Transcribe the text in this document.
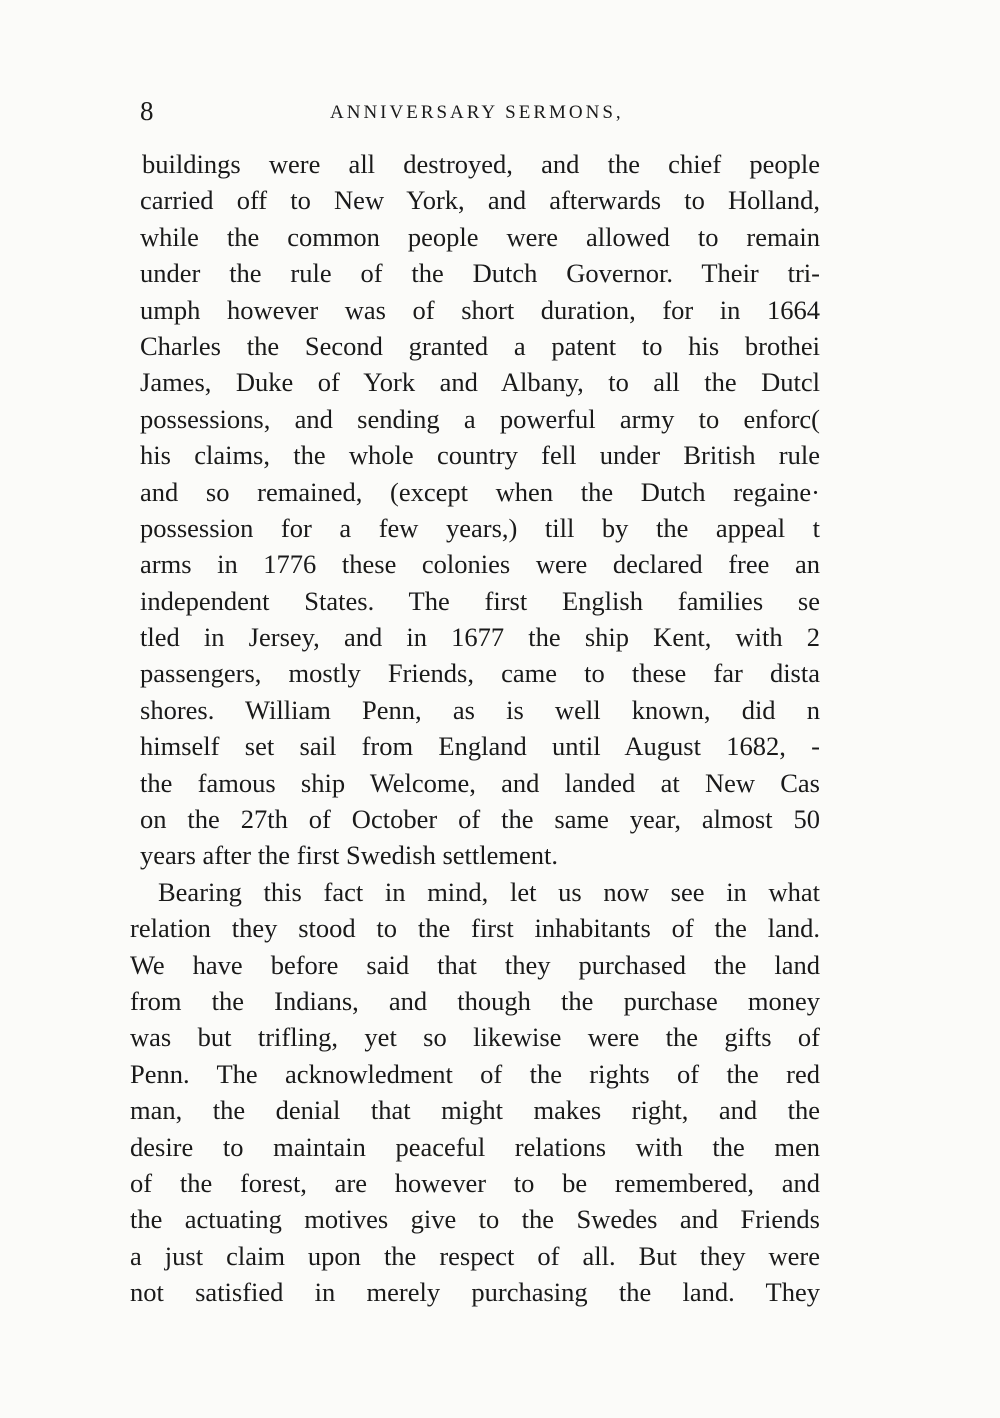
8	ANNIVERSARY SERMONS,
buildings were all destroyed, and the chief people
carried off to New York, and afterwards to Holland,
while the common people were allowed to remain
under the rule of the Dutch Governor. Their tri-
umph however was of short duration, for in 1664
Charles the Second granted a patent to his brothei
James, Duke of York and Albany, to all the Dutcl
possessions, and sending a powerful army to enforc(
his claims, the whole country fell under British rule
and so remained, (except when the Dutch regaine·
possession for a few years,) till by the appeal t
arms in 1776 these colonies were declared free an
independent States. The first English families se
tled in Jersey, and in 1677 the ship Kent, with 2
passengers, mostly Friends, came to these far dista
shores. William Penn, as is well known, did n
himself set sail from England until August 1682, -
the famous ship Welcome, and landed at New Cas
on the 27th of October of the same year, almost 50
years after the first Swedish settlement.
Bearing this fact in mind, let us now see in what
relation they stood to the first inhabitants of the land.
We have before said that they purchased the land
from the Indians, and though the purchase money
was but trifling, yet so likewise were the gifts of
Penn. The acknowledment of the rights of the red
man, the denial that might makes right, and the
desire to maintain peaceful relations with the men
of the forest, are however to be remembered, and
the actuating motives give to the Swedes and Friends
a just claim upon the respect of all. But they were
not satisfied in merely purchasing the land. They
